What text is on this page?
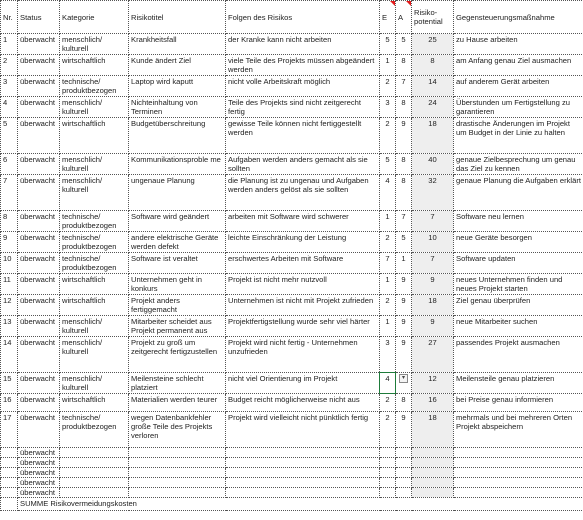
Nr.	Status	Kategorie	Risikotitel	Folgen des Risikos	E	A	Risiko-potential	Gegensteuerungsmaßnahme
1	überwacht	menschlich/ kulturell	Krankheitsfall	der Kranke kann nicht arbeiten	5	5	25	zu Hause arbeiten
2	überwacht	wirtschaftlich	Kunde ändert Ziel	viele Teile des Projekts müssen abgeändert werden	1	8	8	am Anfang genau Ziel ausmachen
3	überwacht	technische/ produktbezogen	Laptop wird kaputt	nicht volle Arbeitskraft möglich	2	7	14	auf anderem Gerät arbeiten
4	überwacht	menschlich/ kulturell	Nichteinhaltung von Terminen	Teile des Projekts sind nicht zeitgerecht fertig	3	8	24	Überstunden um Fertigstellung zu garantieren
5	überwacht	wirtschaftlich	Budgetüberschreitung	gewisse Teile können nicht fertiggestellt werden	2	9	18	drastische Änderungen im Projekt um Budget in der Linie zu halten
6	überwacht	menschlich/ kulturell	Kommunikationsproble me	Aufgaben werden anders gemacht als sie sollten	5	8	40	genaue Zielbesprechung um genau das Ziel zu kennen
7	überwacht	menschlich/ kulturell	ungenaue Planung	die Planung ist zu ungenau und Aufgaben werden anders gelöst als sie sollten	4	8	32	genaue Planung die Aufgaben erklärt
8	überwacht	technische/ produktbezogen	Software wird geändert	arbeiten mit Software wird schwerer	1	7	7	Software neu lernen
9	überwacht	technische/ produktbezogen	andere elektrische Geräte werden defekt	leichte Einschränkung der Leistung	2	5	10	neue Geräte besorgen
10	überwacht	technische/ produktbezogen	Software ist veraltet	erschwertes Arbeiten mit Software	7	1	7	Software updaten
11	überwacht	wirtschaftlich	Unternehmen geht in konkurs	Projekt ist nicht mehr nutzvoll	1	9	9	neues Unternehmen finden und neues Projekt starten
12	überwacht	wirtschaftlich	Projekt anders fertiggemacht	Unternehmen ist nicht mit Projekt zufrieden	2	9	18	Ziel genau überprüfen
13	überwacht	menschlich/ kulturell	Mitarbeiter scheidet aus Projekt permanent aus	Projektfertigstellung wurde sehr viel härter	1	9	9	neue Mitarbeiter suchen
14	überwacht	menschlich/ kulturell	Projekt zu groß um zeitgerecht fertigzustellen	Projekt wird nicht fertig - Unternehmen unzufrieden	3	9	27	passendes Projekt ausmachen
15	überwacht	menschlich/ kulturell	Meilensteine schlecht platziert	nicht viel Orientierung im Projekt	4	▾	12	Meilensteile genau platzieren
16	überwacht	wirtschaftlich	Materialien werden teurer	Budget reicht möglicherweise nicht aus	2	8	16	bei Preise genau informieren
17	überwacht	technische/ produktbezogen	wegen Datenbankfehler große Teile des Projekts verloren	Projekt wird vielleicht nicht pünktlich fertig	2	9	18	mehrmals und bei mehreren Orten Projekt abspeichern
	überwacht							
	überwacht							
	überwacht							
	überwacht							
	überwacht							
	SUMME Risikovermeidungskosten							
